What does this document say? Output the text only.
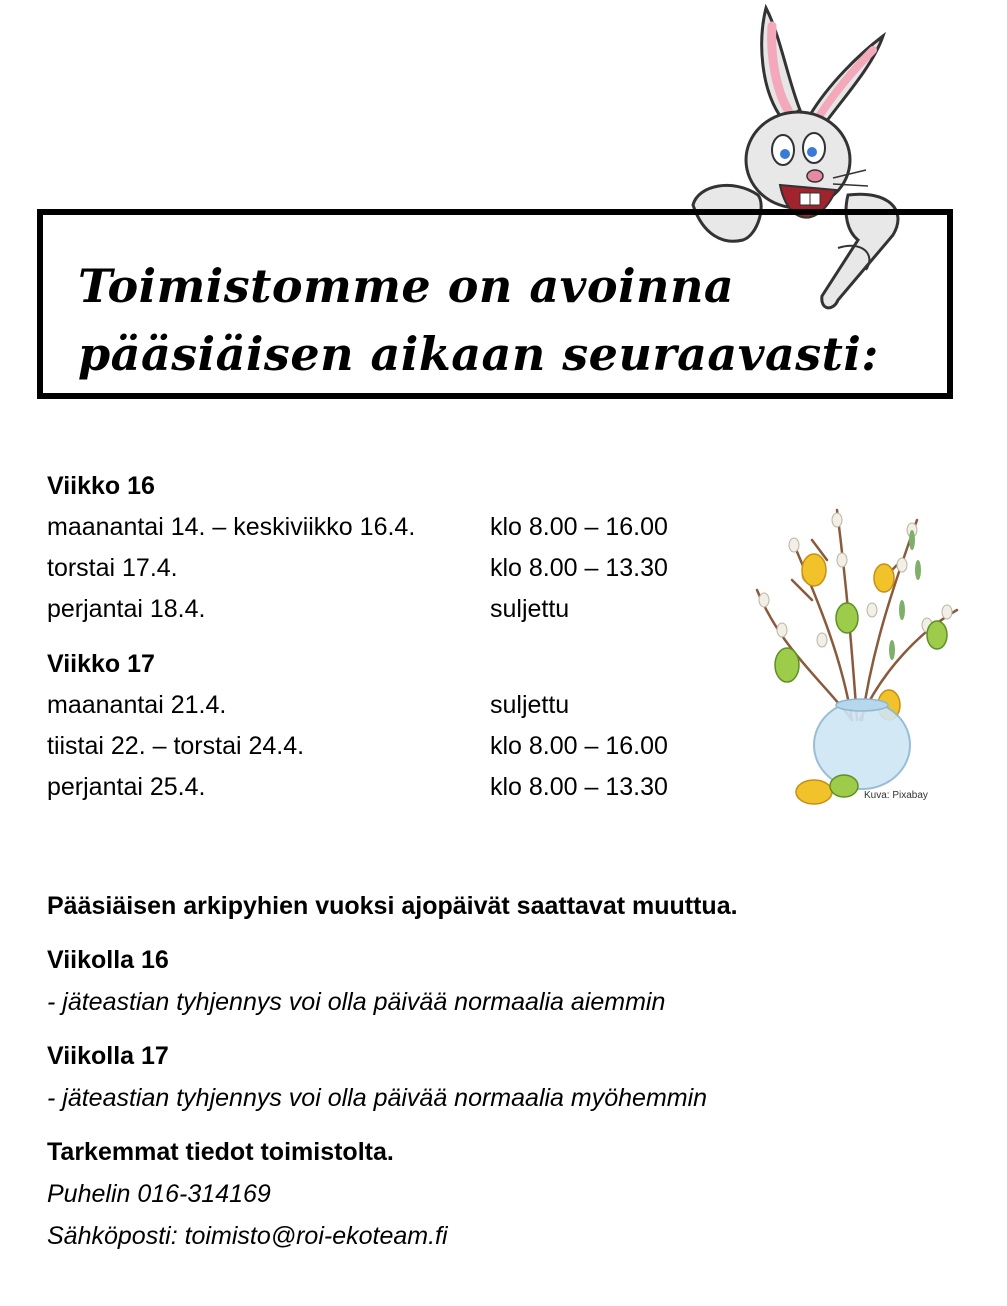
Toimistomme on avoinna
pääsiäisen aikaan seuraavasti:
Viikko 16
maanantai 14. – keskiviikko 16.4.	klo 8.00 – 16.00
torstai 17.4.	klo 8.00 – 13.30
perjantai 18.4.	suljettu
Viikko 17
maanantai 21.4.	suljettu
tiistai 22. – torstai 24.4.	klo 8.00 – 16.00
perjantai 25.4.	klo 8.00 – 13.30	Kuva: Pixabay
Pääsiäisen arkipyhien vuoksi ajopäivät saattavat muuttua.
Viikolla 16
- jäteastian tyhjennys voi olla päivää normaalia aiemmin
Viikolla 17
- jäteastian tyhjennys voi olla päivää normaalia myöhemmin
Tarkemmat tiedot toimistolta.
Puhelin 016-314169
Sähköposti: toimisto@roi-ekoteam.fi
